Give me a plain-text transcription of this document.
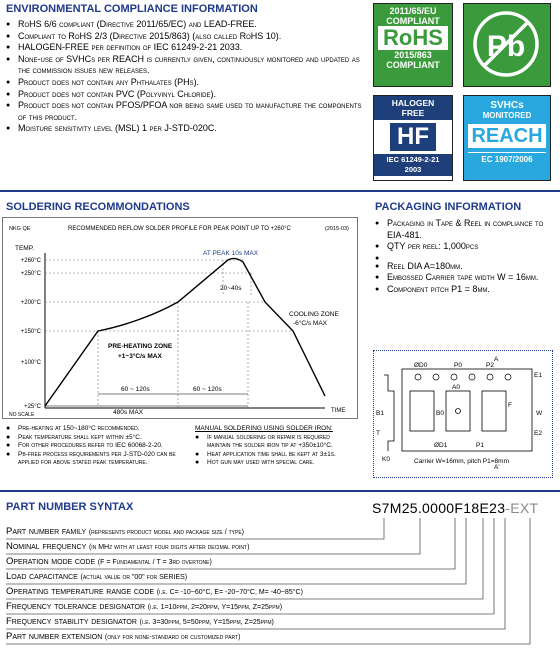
ENVIRONMENTAL COMPLIANCE INFORMATION
● RoHS 6/6 compliant (Directive 2011/65/EC) and LEAD-FREE.
● Compliant to RoHS 2/3 (Directive 2015/863) (also called RoHS 10).
● HALOGEN-FREE per definition of IEC 61249-2-21 2033.
● None-use of SVHCs per REACH is currently given, continuously monitored and updated as the commission issues new releases.
● Product does not contain any Phthalates (PHs).
● Product does not contain PVC (Polyvinyl Chloride).
● Product does not contain PFOS/PFOA nor being same used to manufacture the components of this product.
● Moisture sensitivity level (MSL) 1 per J-STD-020C.
2011/65/EU
COMPLIANT
RoHS
2015/863
COMPLIANT
Pb
HALOGEN
FREE
HF
IEC 61249-2-21
2003
SVHCs
MONITORED
REACH
EC 1907/2006
SOLDERING RECOMMONDATIONS
NKG QE	RECOMMENDED REFLOW SOLDER PROFILE FOR PEAK POINT UP TO +260°C	(2015-03)
TEMP.
+260°C
+250°C
+200°C
+150°C
+100°C
+25°C
NO SCALE
TIME
AT PEAK 10s MAX
20~40s
PRE-HEATING ZONE
+1~3°C/s MAX
COOLING ZONE
-6°C/s MAX
60 ~ 120s	60 ~ 120s
480s MAX
● Pre-heating at 150~180°C recommended.
● Peak temperature shall kept within ±5°C.
● For other procedures refer to IEC 60068-2-20.
● Pb-free process requirements per J-STD-020 can be applied for above stated peak temperature.
MANUAL SOLDERING USING SOLDER IRON:
● If manual soldering or repair is required maintain the solder iron tip at +350±10°C.
● Heat application time shall be kept at 3±1s.
● Hot gun may used with special care.
PACKAGING INFORMATION
● Packaging in Tape & Reel in compliance to EIA-481.
● QTY per reel: 1,000pcs
●
● Reel DIA A=180mm.
● Embossed Carrier tape width W = 16mm.
● Component pitch P1 = 8mm.
ØD0	P0	P2
E1
A0
A
A'
B1	B0
F
W
E2
T
ØD1	P1
K0	Carrier W=16mm, pitch P1=8mm
PART NUMBER SYNTAX	S7M25.0000F18E23-EXT
Part number family (represents product model and package size / type)
Nominal frequency (in MHz with at least four digits after decimal point)
Operation mode code (F = Fundamental / T = 3rd overtone)
Load capacitance (actual value or "00" for SERIES)
Operating temperature range code (i.e. C= -10~60°C, E= -20~70°C, M= -40~85°C)
Frequency tolerance designator (i.e. 1=10ppm, 2=20ppm, Y=15ppm, Z=25ppm)
Frequency stability designator (i.e. 3=30ppm, 5=50ppm, Y=15ppm, Z=25ppm)
Part number extension (only for none-standard or customized part)
